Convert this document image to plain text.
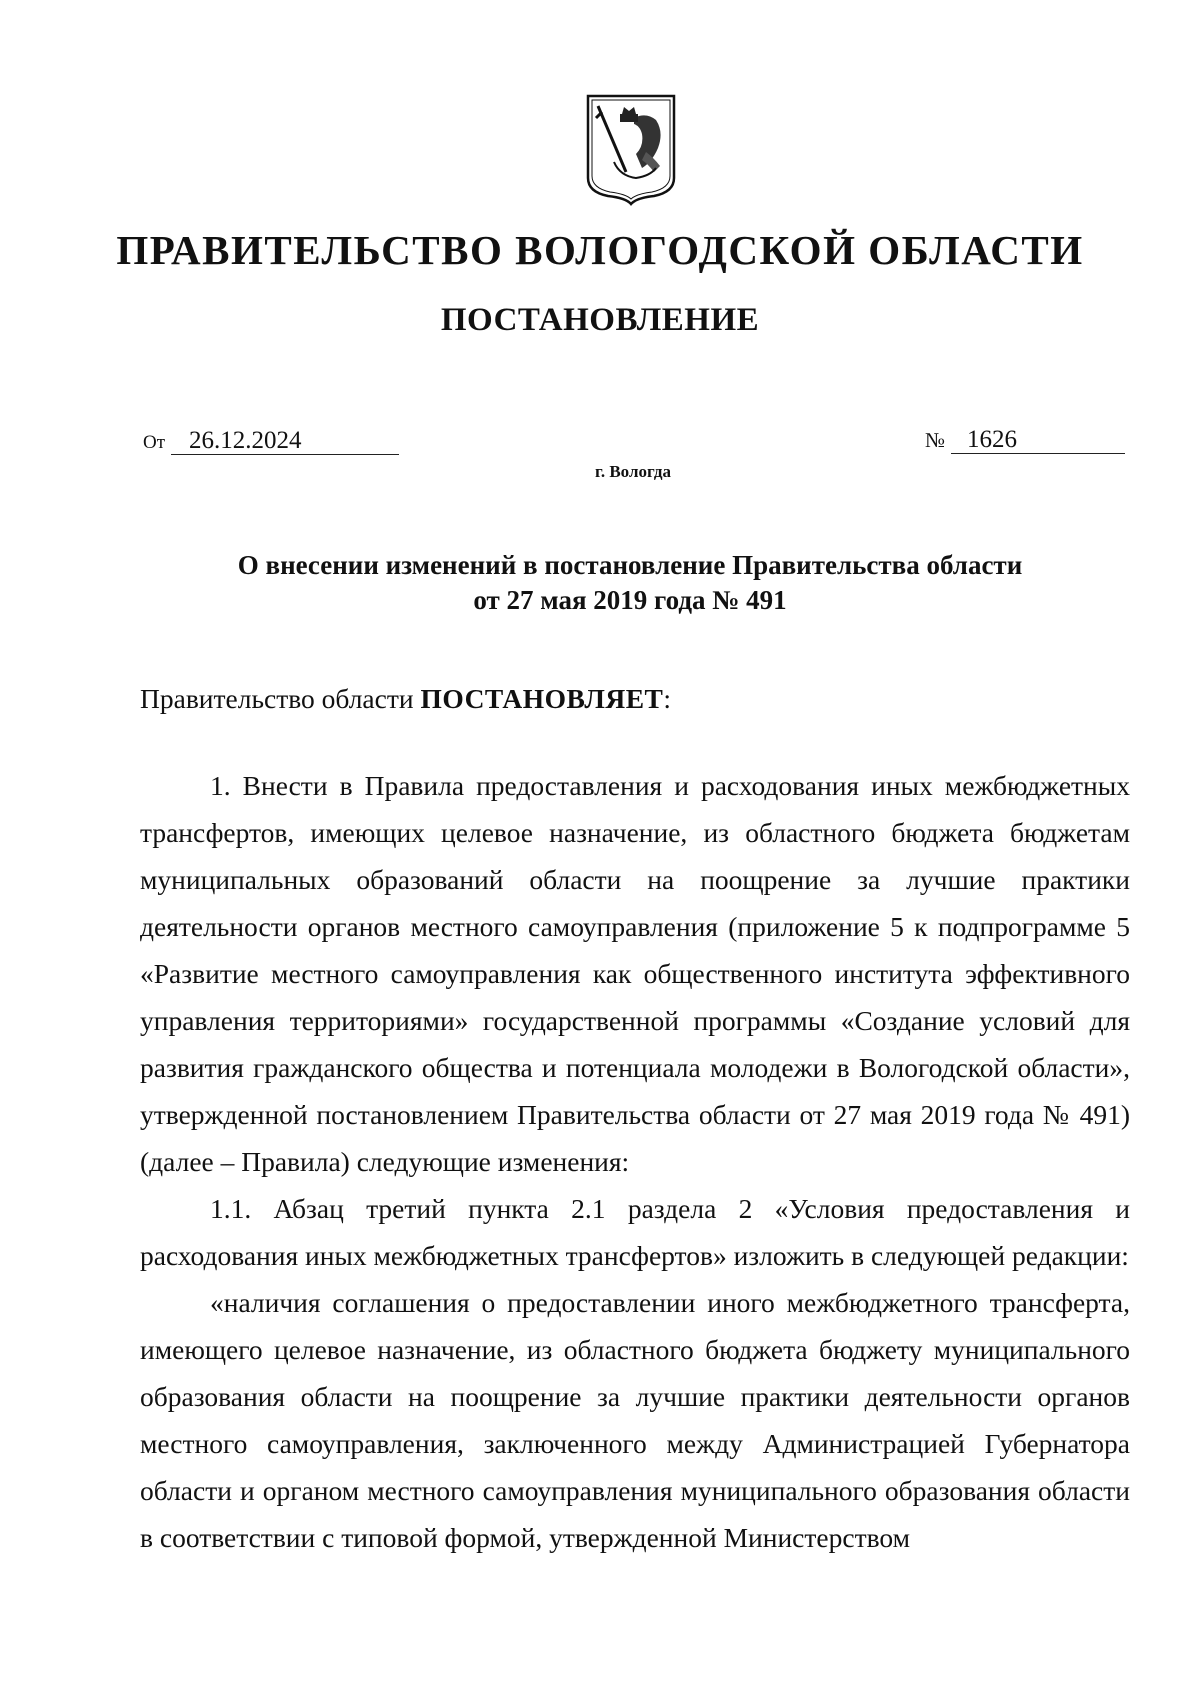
ПРАВИТЕЛЬСТВО ВОЛОГОДСКОЙ ОБЛАСТИ
ПОСТАНОВЛЕНИЕ
От 26.12.2024	№ 1626
г. Вологда
О внесении изменений в постановление Правительства области
от 27 мая 2019 года № 491

Правительство области ПОСТАНОВЛЯЕТ:

1. Внести в Правила предоставления и расходования иных межбюджетных трансфертов, имеющих целевое назначение, из областного бюджета бюджетам муниципальных образований области на поощрение за лучшие практики деятельности органов местного самоуправления (приложение 5 к подпрограмме 5 «Развитие местного самоуправления как общественного института эффективного управления территориями» государственной программы «Создание условий для развития гражданского общества и потенциала молодежи в Вологодской области», утвержденной постановлением Правительства области от 27 мая 2019 года № 491) (далее – Правила) следующие изменения:

1.1. Абзац третий пункта 2.1 раздела 2 «Условия предоставления и расходования иных межбюджетных трансфертов» изложить в следующей редакции:

«наличия соглашения о предоставлении иного межбюджетного трансферта, имеющего целевое назначение, из областного бюджета бюджету муниципального образования области на поощрение за лучшие практики деятельности органов местного самоуправления, заключенного между Администрацией Губернатора области и органом местного самоуправления муниципального образования области в соответствии с типовой формой, утвержденной Министерством
